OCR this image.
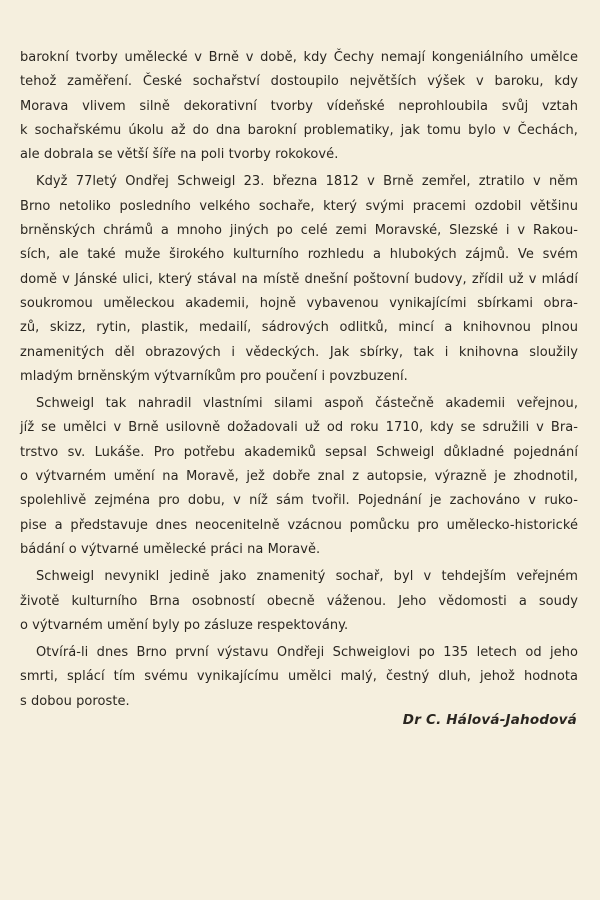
barokní tvorby umělecké v Brně v době, kdy Čechy nemají kongeniálního umělce
tehož zaměření. České sochařství dostoupilo největších výšek v baroku, kdy
Morava vlivem silně dekorativní tvorby vídeňské neprohloubila svůj vztah
k sochařskému úkolu až do dna barokní problematiky, jak tomu bylo v Čechách,
ale dobrala se větší šíře na poli tvorby rokokové.

Když 77letý Ondřej Schweigl 23. března 1812 v Brně zemřel, ztratilo v něm
Brno netoliko posledního velkého sochaře, který svými pracemi ozdobil většinu
brněnských chrámů a mnoho jiných po celé zemi Moravské, Slezské i v Rakou-
sích, ale také muže širokého kulturního rozhledu a hlubokých zájmů. Ve svém
domě v Jánské ulici, který stával na místě dnešní poštovní budovy, zřídil už v mládí
soukromou uměleckou akademii, hojně vybavenou vynikajícími sbírkami obra-
zů, skizz, rytin, plastik, medailí, sádrových odlitků, mincí a knihovnou plnou
znamenitých děl obrazových i vědeckých. Jak sbírky, tak i knihovna sloužily
mladým brněnským výtvarníkům pro poučení i povzbuzení.

Schweigl tak nahradil vlastními silami aspoň částečně akademii veřejnou,
jíž se umělci v Brně usilovně dožadovali už od roku 1710, kdy se sdružili v Bra-
trstvo sv. Lukáše. Pro potřebu akademiků sepsal Schweigl důkladné pojednání
o výtvarném umění na Moravě, jež dobře znal z autopsie, výrazně je zhodnotil,
spolehlivě zejména pro dobu, v níž sám tvořil. Pojednání je zachováno v ruko-
pise a představuje dnes neocenitelně vzácnou pomůcku pro umělecko-historické
bádání o výtvarné umělecké práci na Moravě.

Schweigl nevynikl jedině jako znamenitý sochař, byl v tehdejším veřejném
životě kulturního Brna osobností obecně váženou. Jeho vědomosti a soudy
o výtvarném umění byly po zásluze respektovány.

Otvírá-li dnes Brno první výstavu Ondřeji Schweiglovi po 135 letech od jeho
smrti, splácí tím svému vynikajícímu umělci malý, čestný dluh, jehož hodnota
s dobou poroste.

Dr C. Hálová-Jahodová
